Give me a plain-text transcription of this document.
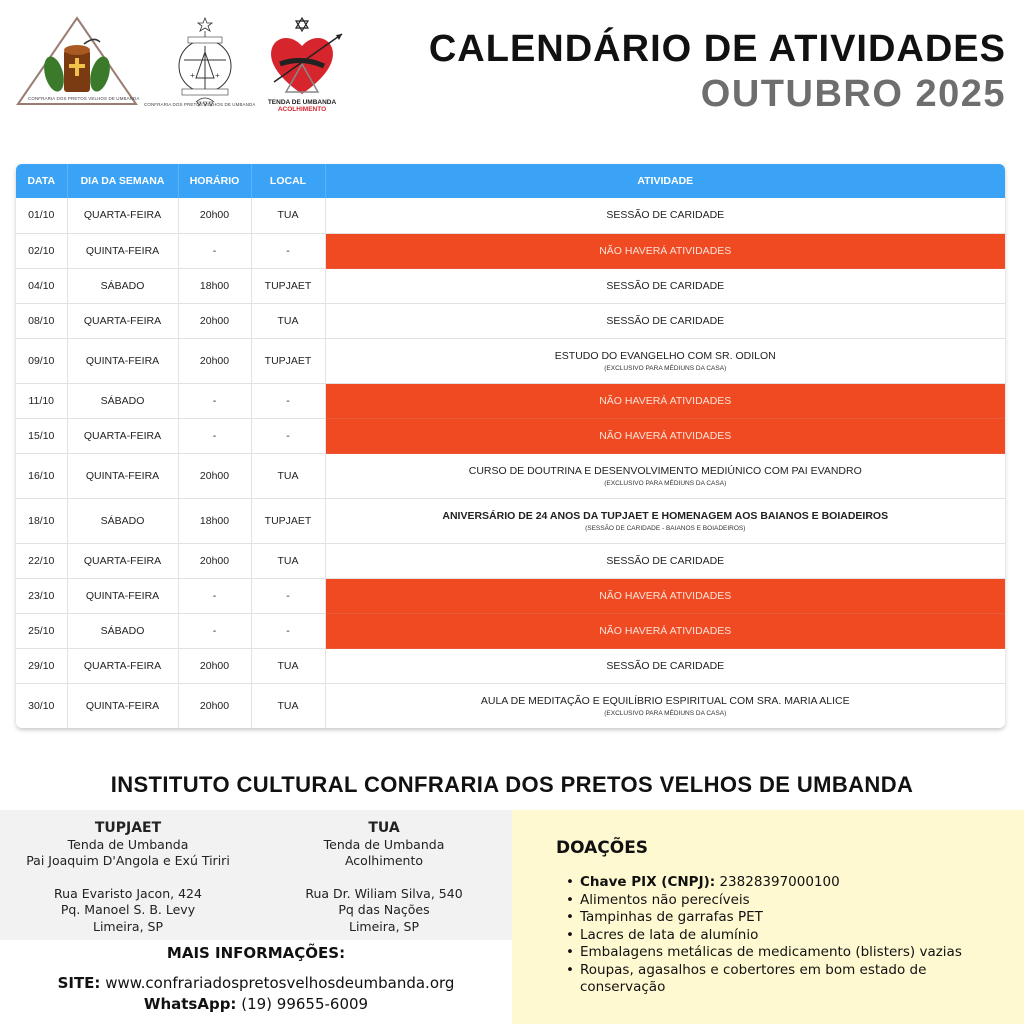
CONFRARIA DOS PRETOS VELHOS DE UMBANDA
+	+
CONFRARIA DOS PRETOS VELHOS DE UMBANDA TENDA DE UMBANDA
ACOLHIMENTO
CALENDÁRIO DE ATIVIDADES
OUTUBRO 2025
DATA	DIA DA SEMANA	HORÁRIO	LOCAL	ATIVIDADE
01/10	QUARTA-FEIRA	20h00	TUA	SESSÃO DE CARIDADE
02/10	QUINTA-FEIRA	-	-	NÃO HAVERÁ ATIVIDADES
04/10	SÁBADO	18h00	TUPJAET	SESSÃO DE CARIDADE
08/10	QUARTA-FEIRA	20h00	TUA	SESSÃO DE CARIDADE
09/10	QUINTA-FEIRA	20h00	TUPJAET	ESTUDO DO EVANGELHO COM SR. ODILON
(EXCLUSIVO PARA MÉDIUNS DA CASA)

11/10	SÁBADO	-	-	NÃO HAVERÁ ATIVIDADES
15/10	QUARTA-FEIRA	-	-	NÃO HAVERÁ ATIVIDADES
16/10	QUINTA-FEIRA	20h00	TUA	CURSO DE DOUTRINA E DESENVOLVIMENTO MEDIÚNICO COM PAI EVANDRO
(EXCLUSIVO PARA MÉDIUNS DA CASA)

18/10	SÁBADO	18h00	TUPJAET	ANIVERSÁRIO DE 24 ANOS DA TUPJAET E HOMENAGEM AOS BAIANOS E BOIADEIROS
(SESSÃO DE CARIDADE - BAIANOS E BOIADEIROS)

22/10	QUARTA-FEIRA	20h00	TUA	SESSÃO DE CARIDADE
23/10	QUINTA-FEIRA	-	-	NÃO HAVERÁ ATIVIDADES
25/10	SÁBADO	-	-	NÃO HAVERÁ ATIVIDADES
29/10	QUARTA-FEIRA	20h00	TUA	SESSÃO DE CARIDADE
30/10	QUINTA-FEIRA	20h00	TUA	AULA DE MEDITAÇÃO E EQUILÍBRIO ESPIRITUAL COM SRA. MARIA ALICE
(EXCLUSIVO PARA MÉDIUNS DA CASA)
INSTITUTO CULTURAL CONFRARIA DOS PRETOS VELHOS DE UMBANDA
TUPJAET
Tenda de Umbanda
Pai Joaquim D'Angola e Exú Tiriri
Rua Evaristo Jacon, 424
Pq. Manoel S. B. Levy
Limeira, SP
TUA
Tenda de Umbanda
Acolhimento
Rua Dr. Wiliam Silva, 540
Pq das Nações
Limeira, SP
MAIS INFORMAÇÕES:
SITE: www.confrariadospretosvelhosdeumbanda.org
WhatsApp: (19) 99655-6009
DOAÇÕES
• Chave PIX (CNPJ): 23828397000100
• Alimentos não perecíveis
• Tampinhas de garrafas PET
• Lacres de lata de alumínio
• Embalagens metálicas de medicamento (blisters) vazias
• Roupas, agasalhos e cobertores em bom estado de conservação
